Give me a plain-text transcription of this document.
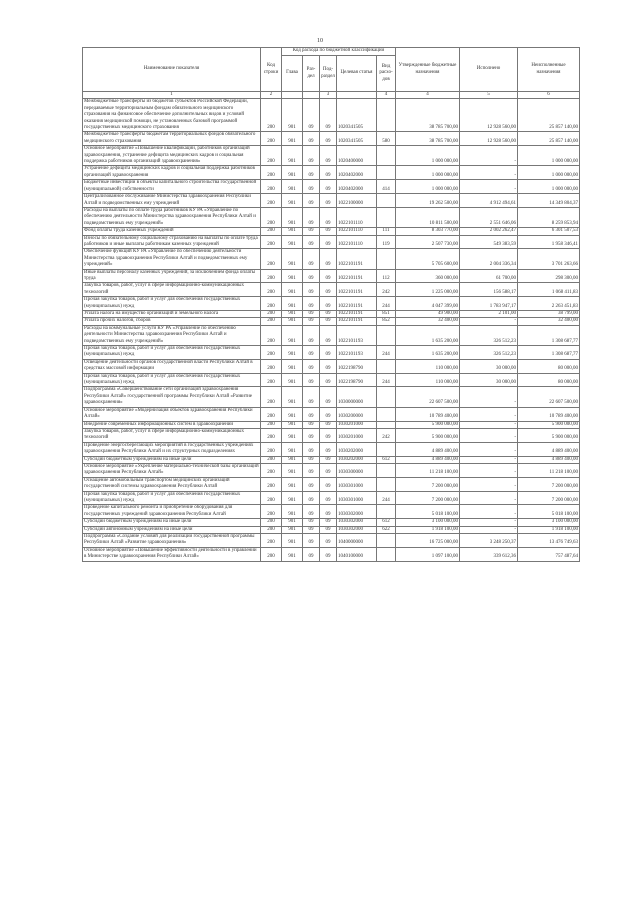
10
Наименование показателя	Код строки	Код расхода по бюджетной классификации					Утвержденные бюджетные назначения	Исполнено	Неисполненные назначения
		Глава	Раз-дел	Под-раздел	Целевая статья	Вид расхо-дов			
1	2			3		4	4	5	6
Межбюджетные трансферты из бюджетов субъектов Российской Федерации, передаваемые территориальным фондам обязательного медицинского страхования на финансовое обеспечение дополнительных видов и условий оказания медицинской помощи, не установленных базовой программой государственных медицинского страхования	200	901	09	09	1020341505		38 785 700,00	12 928 560,00	25 857 140,00
Межбюджетные трансферты бюджетам территориальных фондов обязательного медицинского страхования	200	901	09	09	1020341505	580	38 785 700,00	12 928 560,00	25 857 140,00
Основное мероприятие «Повышение квалификации, работников организаций здравоохранения, устранение дефицита медицинских кадров и социальная поддержка работников организаций здравоохранения»	200	901	09	09	1020400000		1 000 000,00	-	1 000 000,00
Устранение дефицита медицинских кадров и социальная поддержка работников организаций здравоохранения	200	901	09	09	1020402000		1 000 000,00	-	1 000 000,00
Бюджетные инвестиции в объекты капитального строительства государственной (муниципальной) собственности	200	901	09	09	1020402000	414	1 000 000,00	-	1 000 000,00
Централизованное обслуживание Министерства здравоохранения Республики Алтай и подведомственных ему учреждений	200	901	09	09	1022100000		19 262 500,00	4 912 494,61	14 349 804,37
Расходы на выплаты по оплате труда работников КУ РА «Управление по обеспечению деятельности Министерства здравоохранения Республики Алтай и подведомственных ему учреждений»	200	901	09	09	1022101110		10 811 500,00	2 551 646,06	8 259 853,94
Фонд оплаты труда казенных учреждений	200	901	09	09	1022101110	111	8 303 770,00	2 002 262,47	6 301 507,53
Взносы по обязательному социальному страхованию на выплаты по оплате труда работников и иные выплаты работникам казенных учреждений	200	901	09	09	1022101110	119	2 507 730,00	549 383,59	1 958 346,41
Обеспечение функций КУ РА «Управление по обеспечению деятельности Министерства здравоохранения Республики Алтай и подведомственных ему учреждений»	200	901	09	09	1022101191		5 705 600,00	2 004 336,34	3 701 263,66
Иные выплаты персоналу казенных учреждений, за исключением фонда оплаты труда	200	901	09	09	1022101191	112	360 000,00	61 700,00	298 300,00
Закупка товаров, работ, услуг в сфере информационно-коммуникационных технологий	200	901	09	09	1022101191	242	1 225 000,00	156 588,17	1 068 411,83
Прочая закупка товаров, работ и услуг для обеспечения государственных (муниципальных) нужд	200	901	09	09	1022101191	244	4 047 399,00	1 783 947,17	2 263 451,83
Уплата налога на имущество организаций и земельного налога	200	901	09	09	1022101191	851	49 900,00	2 101,00	38 799,00
Уплата прочих налогов, сборов	200	901	09	09	1022101191	852	32 400,00	-	32 400,00
Расходы на коммунальные услуги КУ РА «Управление по обеспечению деятельности Министерства здравоохранения Республики Алтай и подведомственных ему учреждений»	200	901	09	09	1022101193		1 635 200,00	326 512,23	1 308 687,77
Прочая закупка товаров, работ и услуг для обеспечения государственных (муниципальных) нужд	200	901	09	09	1022101193	244	1 635 200,00	326 512,23	1 308 687,77
Освещение деятельности органов государственной власти Республики Алтай в средствах массовой информации	200	901	09	09	1022198790		110 000,00	30 000,00	80 000,00
Прочая закупка товаров, работ и услуг для обеспечения государственных (муниципальных) нужд	200	901	09	09	1022198790	244	110 000,00	30 000,00	80 000,00
Подпрограмма «Совершенствование сети организаций здравоохранения Республики Алтай» государственной программы Республики Алтай «Развитие здравоохранения»	200	901	09	09	1030000000		22 607 500,00	-	22 607 500,00
Основное мероприятие «Модернизация объектов здравоохранения Республики Алтай»	200	901	09	09	1030200000		10 789 400,00	-	10 789 400,00
Внедрение современных информационных систем в здравоохранении	200	901	09	09	1030201000		5 900 000,00	-	5 900 000,00
Закупка товаров, работ, услуг в сфере информационно-коммуникационных технологий	200	901	09	09	1030201000	242	5 900 000,00	-	5 900 000,00
Проведение энергосберегающих мероприятий в государственных учреждениях здравоохранения Республики Алтай и их структурных подразделениях	200	901	09	09	1030202000		4 889 400,00	-	4 889 400,00
Субсидии бюджетным учреждениям на иные цели	200	901	09	09	1030202000	612	4 889 400,00	-	4 889 400,00
Основное мероприятие «Укрепление материально-технической базы организаций здравоохранения Республики Алтай»	200	901	09	09	1030300000		11 218 100,00	-	11 218 100,00
Оснащение автомобильным транспортом медицинских организаций государственной системы здравоохранения Республики Алтай	200	901	09	09	1030301000		7 200 000,00	-	7 200 000,00
Прочая закупка товаров, работ и услуг для обеспечения государственных (муниципальных) нужд	200	901	09	09	1030301000	244	7 200 000,00	-	7 200 000,00
Проведение капитального ремонта и приобретение оборудования для государственных учреждений здравоохранения Республики Алтай	200	901	09	09	1030302000		5 018 100,00	-	5 018 100,00
Субсидии бюджетным учреждениям на иные цели	200	901	09	09	1030302000	612	3 100 000,00	-	3 100 000,00
Субсидии автономным учреждениям на иные цели	200	901	09	09	1030302000	622	1 918 100,00	-	1 918 100,00
Подпрограмма «Создание условий для реализации государственной программы Республики Алтай «Развитие здравоохранения»	200	901	09	09	1040000000		16 725 000,00	3 248 250,37	13 476 749,63
Основное мероприятие «Повышение эффективности деятельности в управлении в Министерстве здравоохранения Республики Алтай»	200	901	09	09	1040100000		1 097 100,00	339 612,36	757 487,64
